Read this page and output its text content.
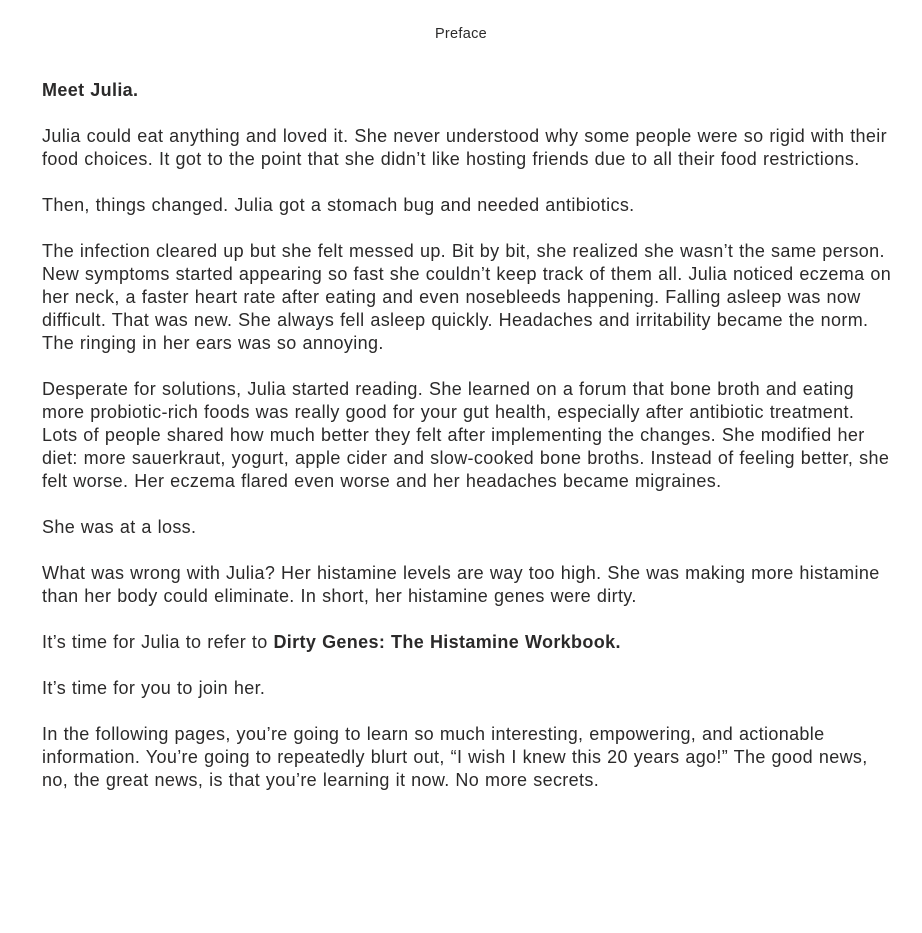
Preface

Meet Julia.

Julia could eat anything and loved it. She never understood why some people were so rigid with their food choices. It got to the point that she didn’t like hosting friends due to all their food restrictions.

Then, things changed. Julia got a stomach bug and needed antibiotics.

The infection cleared up but she felt messed up. Bit by bit, she realized she wasn’t the same person. New symptoms started appearing so fast she couldn’t keep track of them all. Julia noticed eczema on her neck, a faster heart rate after eating and even nosebleeds happening. Falling asleep was now difficult. That was new. She always fell asleep quickly. Headaches and irritability became the norm. The ringing in her ears was so annoying.

Desperate for solutions, Julia started reading. She learned on a forum that bone broth and eating more probiotic-rich foods was really good for your gut health, especially after antibiotic treatment. Lots of people shared how much better they felt after implementing the changes. She modified her diet: more sauerkraut, yogurt, apple cider and slow-cooked bone broths. Instead of feeling better, she felt worse. Her eczema flared even worse and her headaches became migraines.

She was at a loss.

What was wrong with Julia? Her histamine levels are way too high. She was making more histamine than her body could eliminate. In short, her histamine genes were dirty.

It’s time for Julia to refer to Dirty Genes: The Histamine Workbook.

It’s time for you to join her.

In the following pages, you’re going to learn so much interesting, empowering, and actionable information. You’re going to repeatedly blurt out, “I wish I knew this 20 years ago!” The good news, no, the great news, is that you’re learning it now. No more secrets.
